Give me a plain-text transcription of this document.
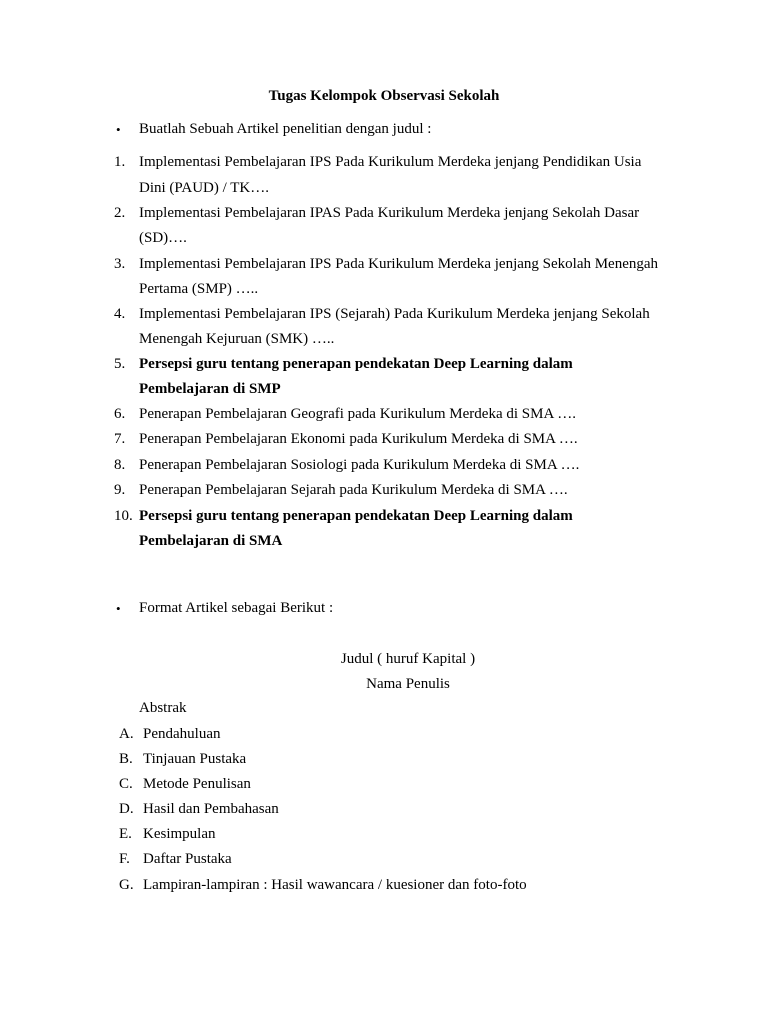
Tugas Kelompok Observasi Sekolah
• Buatlah Sebuah Artikel penelitian dengan judul :
1. Implementasi Pembelajaran IPS Pada Kurikulum Merdeka jenjang Pendidikan Usia
Dini (PAUD) / TK….
2. Implementasi Pembelajaran IPAS Pada Kurikulum Merdeka jenjang Sekolah Dasar
(SD)….
3. Implementasi Pembelajaran IPS Pada Kurikulum Merdeka jenjang Sekolah Menengah
Pertama (SMP) …..
4. Implementasi Pembelajaran IPS (Sejarah) Pada Kurikulum Merdeka jenjang Sekolah
Menengah Kejuruan (SMK) …..
5. Persepsi guru tentang penerapan pendekatan Deep Learning dalam
Pembelajaran di SMP
6. Penerapan Pembelajaran Geografi pada Kurikulum Merdeka di SMA ….
7. Penerapan Pembelajaran Ekonomi pada Kurikulum Merdeka di SMA ….
8. Penerapan Pembelajaran Sosiologi pada Kurikulum Merdeka di SMA ….
9. Penerapan Pembelajaran Sejarah pada Kurikulum Merdeka di SMA ….
10. Persepsi guru tentang penerapan pendekatan Deep Learning dalam
Pembelajaran di SMA
• Format Artikel sebagai Berikut :
Judul ( huruf Kapital )
Nama Penulis
Abstrak
A. Pendahuluan
B. Tinjauan Pustaka
C. Metode Penulisan
D. Hasil dan Pembahasan
E. Kesimpulan
F. Daftar Pustaka
G. Lampiran-lampiran : Hasil wawancara / kuesioner dan foto-foto
